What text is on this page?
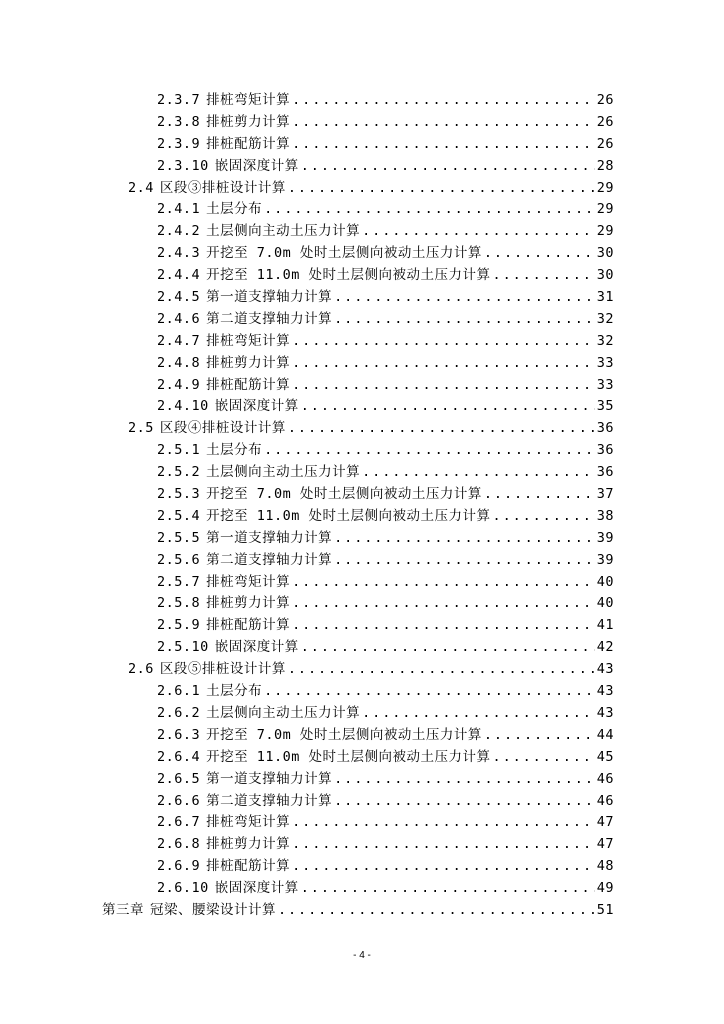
2.3.7 排桩弯矩计算 .....	26
2.3.8 排桩剪力计算 .....	26
2.3.9 排桩配筋计算 .....	26
2.3.10 嵌固深度计算 .....	28
2.4 区段③排桩设计计算 .....	29
2.4.1 土层分布 .....	29
2.4.2 土层侧向主动土压力计算 .....	29
2.4.3 开挖至 7.0m 处时土层侧向被动土压力计算 .....	30
2.4.4 开挖至 11.0m 处时土层侧向被动土压力计算 .....	30
2.4.5 第一道支撑轴力计算 .....	31
2.4.6 第二道支撑轴力计算 .....	32
2.4.7 排桩弯矩计算 .....	32
2.4.8 排桩剪力计算 .....	33
2.4.9 排桩配筋计算 .....	33
2.4.10 嵌固深度计算 .....	35
2.5 区段④排桩设计计算 .....	36
2.5.1 土层分布 .....	36
2.5.2 土层侧向主动土压力计算 .....	36
2.5.3 开挖至 7.0m 处时土层侧向被动土压力计算 .....	37
2.5.4 开挖至 11.0m 处时土层侧向被动土压力计算 .....	38
2.5.5 第一道支撑轴力计算 .....	39
2.5.6 第二道支撑轴力计算 .....	39
2.5.7 排桩弯矩计算 .....	40
2.5.8 排桩剪力计算 .....	40
2.5.9 排桩配筋计算 .....	41
2.5.10 嵌固深度计算 .....	42
2.6 区段⑤排桩设计计算 .....	43
2.6.1 土层分布 .....	43
2.6.2 土层侧向主动土压力计算 .....	43
2.6.3 开挖至 7.0m 处时土层侧向被动土压力计算 .....	44
2.6.4 开挖至 11.0m 处时土层侧向被动土压力计算 .....	45
2.6.5 第一道支撑轴力计算 .....	46
2.6.6 第二道支撑轴力计算 .....	46
2.6.7 排桩弯矩计算 .....	47
2.6.8 排桩剪力计算 .....	47
2.6.9 排桩配筋计算 .....	48
2.6.10 嵌固深度计算 .....	49
第三章 冠梁、腰梁设计计算 .....	51
- 4 -
